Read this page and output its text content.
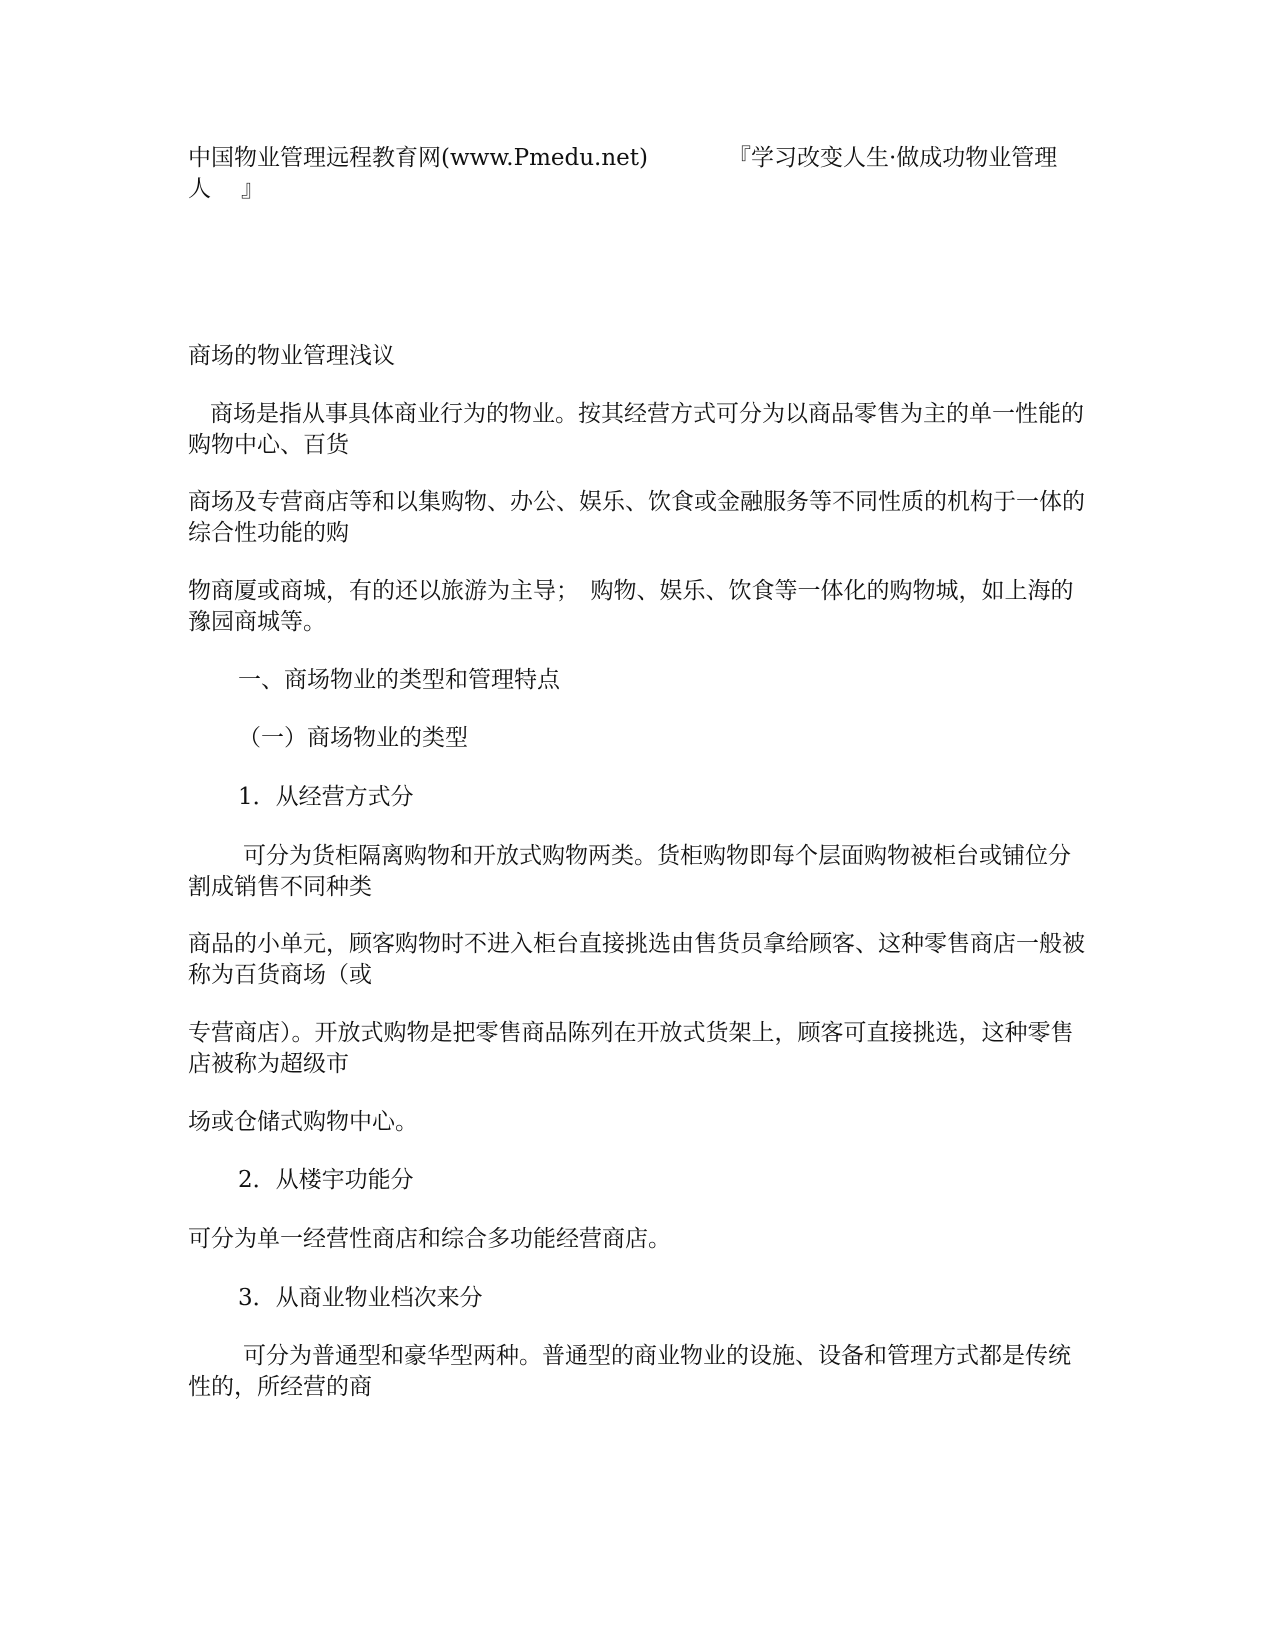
中国物业管理远程教育网(www.Pmedu.net)	『学习改变人生·做成功物业管理
人 』
商场的物业管理浅议
商场是指从事具体商业行为的物业。按其经营方式可分为以商品零售为主的单一性能的购物中心、百货
商场及专营商店等和以集购物、办公、娱乐、饮食或金融服务等不同性质的机构于一体的综合性功能的购
物商厦或商城，有的还以旅游为主导；　购物、娱乐、饮食等一体化的购物城，如上海的豫园商城等。
一、商场物业的类型和管理特点
（一）商场物业的类型
1．从经营方式分
可分为货柜隔离购物和开放式购物两类。货柜购物即每个层面购物被柜台或铺位分割成销售不同种类
商品的小单元，顾客购物时不进入柜台直接挑选由售货员拿给顾客、这种零售商店一般被称为百货商场（或
专营商店）。开放式购物是把零售商品陈列在开放式货架上，顾客可直接挑选，这种零售店被称为超级市
场或仓储式购物中心。
2．从楼宇功能分
可分为单一经营性商店和综合多功能经营商店。
3．从商业物业档次来分
可分为普通型和豪华型两种。普通型的商业物业的设施、设备和管理方式都是传统性的，所经营的商
